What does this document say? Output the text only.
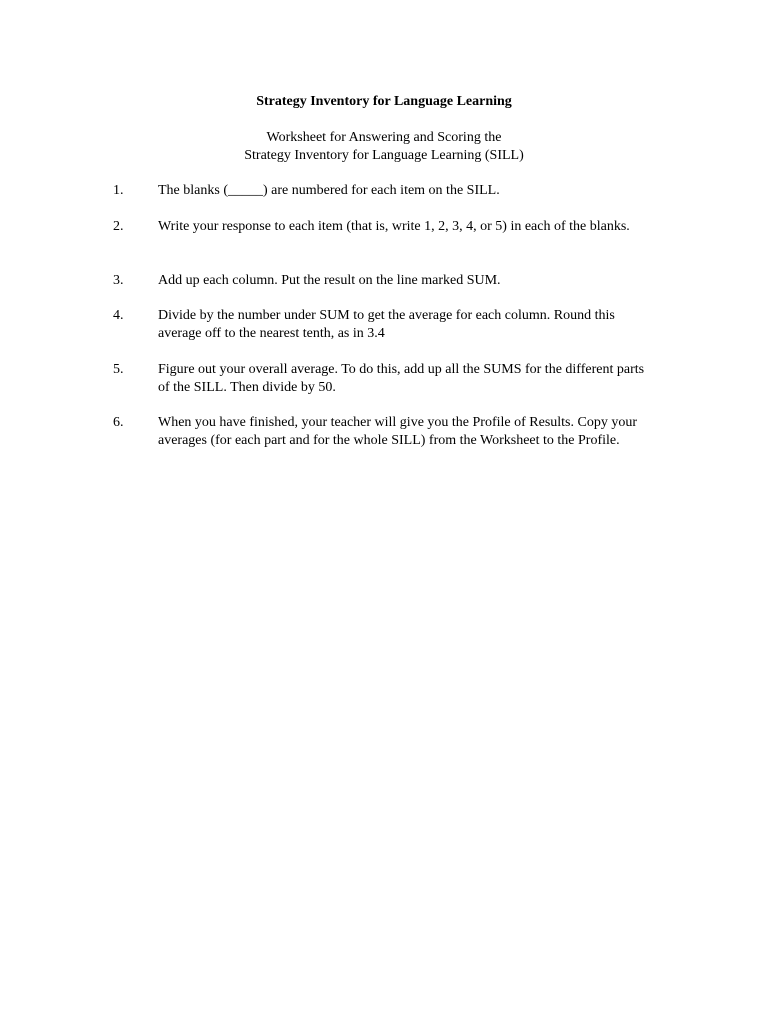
Strategy Inventory for Language Learning
Worksheet for Answering and Scoring the
Strategy Inventory for Language Learning (SILL)
1.	The blanks (_____) are numbered for each item on the SILL.
2.	Write your response to each item (that is, write 1, 2, 3, 4, or 5) in each of the blanks.
3.	Add up each column. Put the result on the line marked SUM.
4.	Divide by the number under SUM to get the average for each column. Round this average off to the nearest tenth, as in 3.4
5.	Figure out your overall average. To do this, add up all the SUMS for the different parts of the SILL. Then divide by 50.
6.	When you have finished, your teacher will give you the Profile of Results. Copy your averages (for each part and for the whole SILL) from the Worksheet to the Profile.
